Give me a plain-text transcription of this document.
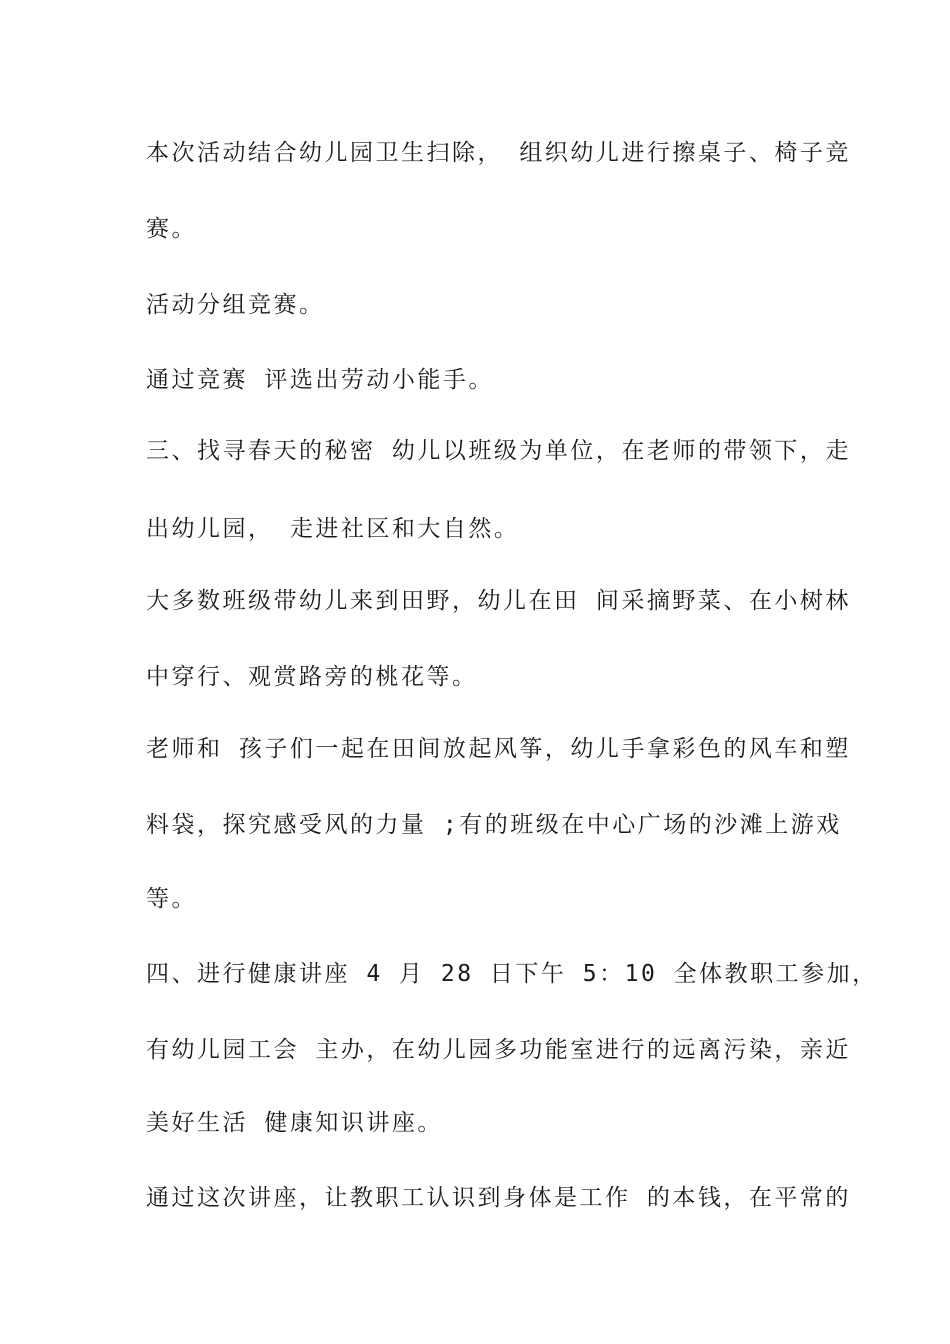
本次活动结合幼儿园卫生扫除， 组织幼儿进行擦桌子、椅子竞
赛。
活动分组竞赛。
通过竞赛 评选出劳动小能手。
三、找寻春天的秘密 幼儿以班级为单位，在老师的带领下，走
出幼儿园， 走进社区和大自然。
大多数班级带幼儿来到田野，幼儿在田 间采摘野菜、在小树林
中穿行、观赏路旁的桃花等。
老师和 孩子们一起在田间放起风筝，幼儿手拿彩色的风车和塑
料袋，探究感受风的力量 ;有的班级在中心广场的沙滩上游戏
等。
四、进行健康讲座 4 月 28 日下午 5：10 全体教职工参加，
有幼儿园工会 主办，在幼儿园多功能室进行的远离污染，亲近
美好生活 健康知识讲座。
通过这次讲座，让教职工认识到身体是工作 的本钱，在平常的
